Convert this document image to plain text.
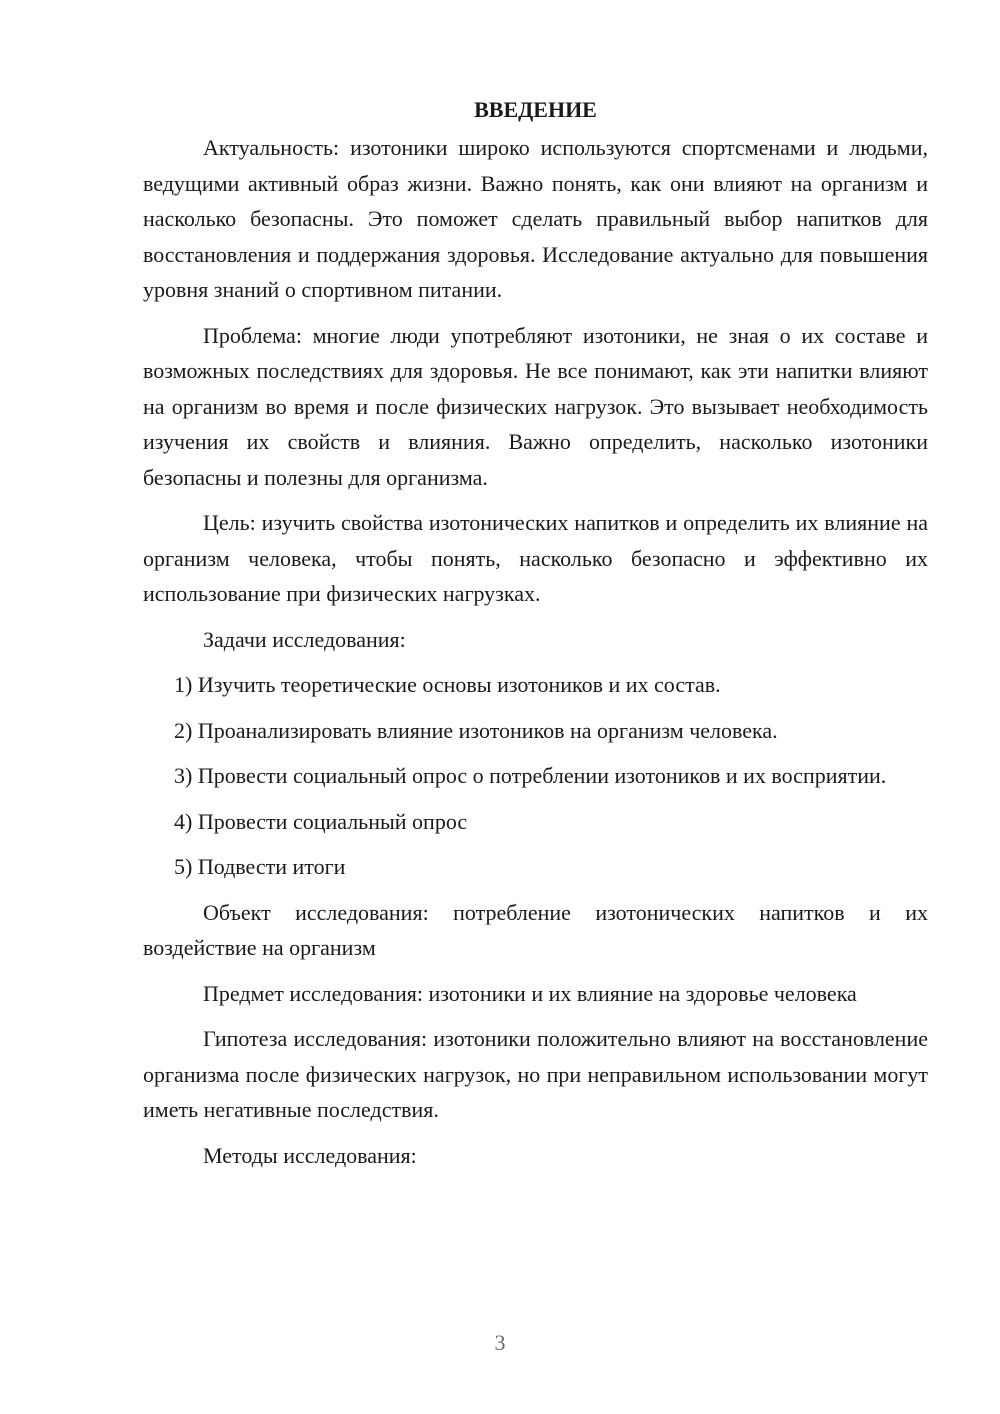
ВВЕДЕНИЕ

Актуальность: изотоники широко используются спортсменами и людьми, ведущими активный образ жизни. Важно понять, как они влияют на организм и насколько безопасны. Это поможет сделать правильный выбор напитков для восстановления и поддержания здоровья. Исследование актуально для повышения уровня знаний о спортивном питании.

Проблема: многие люди употребляют изотоники, не зная о их составе и возможных последствиях для здоровья. Не все понимают, как эти напитки влияют на организм во время и после физических нагрузок. Это вызывает необходимость изучения их свойств и влияния. Важно определить, насколько изотоники безопасны и полезны для организма.

Цель: изучить свойства изотонических напитков и определить их влияние на организм человека, чтобы понять, насколько безопасно и эффективно их использование при физических нагрузках.

Задачи исследования:

1) Изучить теоретические основы изотоников и их состав.

2) Проанализировать влияние изотоников на организм человека.

3) Провести социальный опрос о потреблении изотоников и их восприятии.

4) Провести социальный опрос

5) Подвести итоги

Объект исследования: потребление изотонических напитков и их воздействие на организм

Предмет исследования: изотоники и их влияние на здоровье человека

Гипотеза исследования: изотоники положительно влияют на восстановление организма после физических нагрузок, но при неправильном использовании могут иметь негативные последствия.

Методы исследования:

3
